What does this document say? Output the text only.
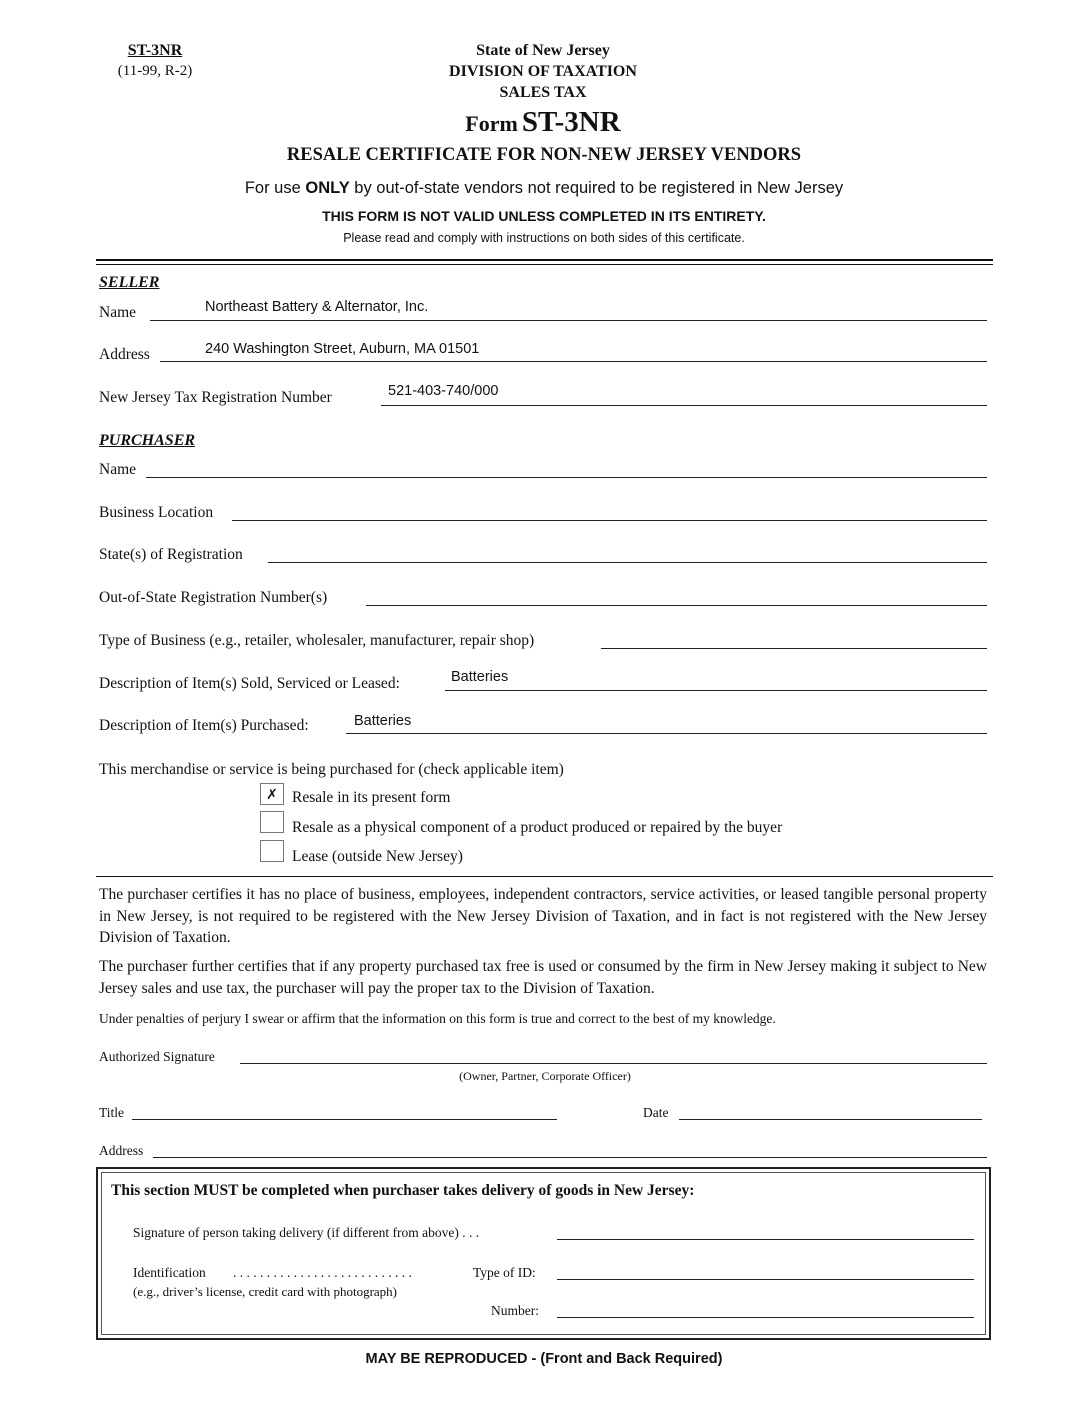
ST-3NR
(11-99, R-2)
State of New Jersey
DIVISION OF TAXATION
SALES TAX
Form ST-3NR
RESALE CERTIFICATE FOR NON-NEW JERSEY VENDORS
For use ONLY by out-of-state vendors not required to be registered in New Jersey
THIS FORM IS NOT VALID UNLESS COMPLETED IN ITS ENTIRETY.
Please read and comply with instructions on both sides of this certificate.
SELLER
Name	Northeast Battery & Alternator, Inc.
Address	240 Washington Street, Auburn, MA 01501
New Jersey Tax Registration Number	521-403-740/000
PURCHASER
Name
Business Location
State(s) of Registration
Out-of-State Registration Number(s)
Type of Business (e.g., retailer, wholesaler, manufacturer, repair shop)
Description of Item(s) Sold, Serviced or Leased:	Batteries
Description of Item(s) Purchased:	Batteries
This merchandise or service is being purchased for (check applicable item)
✗ Resale in its present form
Resale as a physical component of a product produced or repaired by the buyer
Lease (outside New Jersey)
The purchaser certifies it has no place of business, employees, independent contractors, service activities, or leased tangible personal property in New Jersey, is not required to be registered with the New Jersey Division of Taxation, and in fact is not registered with the New Jersey Division of Taxation.
The purchaser further certifies that if any property purchased tax free is used or consumed by the firm in New Jersey making it subject to New Jersey sales and use tax, the purchaser will pay the proper tax to the Division of Taxation.
Under penalties of perjury I swear or affirm that the information on this form is true and correct to the best of my knowledge.
Authorized Signature
(Owner, Partner, Corporate Officer)
Title	Date
Address
This section MUST be completed when purchaser takes delivery of goods in New Jersey:
Signature of person taking delivery (if different from above) . . .
Identification . . . . . . . . . . . . . . . . . . . . . . . . . . .	Type of ID:
(e.g., driver’s license, credit card with photograph)
Number:
MAY BE REPRODUCED - (Front and Back Required)
